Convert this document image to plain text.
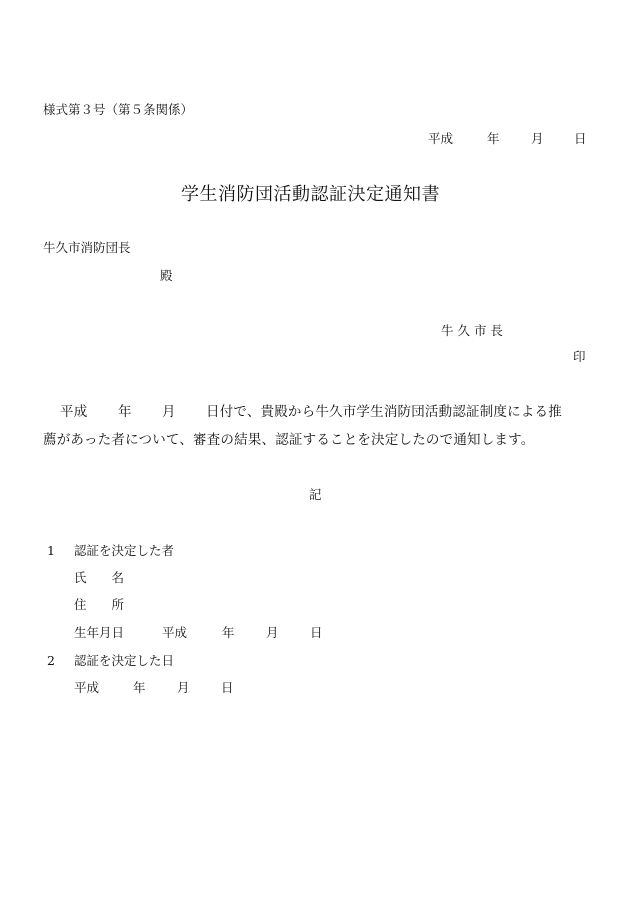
様式第３号（第５条関係）
平成	年	月 日
学生消防団活動認証決定通知書
牛久市消防団長
殿
牛 久 市 長
印
平成 年 月 日付で、貴殿から牛久市学生消防団活動認証制度による推
薦があった者について、審査の結果、認証することを決定したので通知します。
記
1 認証を決定した者
氏　　名
住　　所
生年月日	平成	年	月	日
2 認証を決定した日
平成	年	月	日
